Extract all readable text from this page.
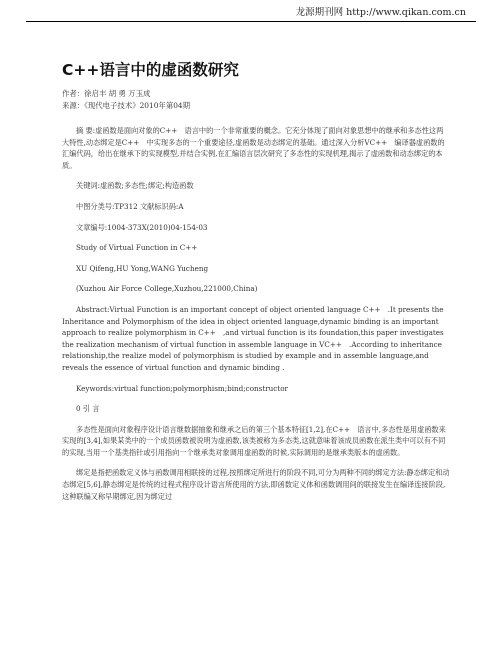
龙源期刊网 http://www.qikan.com.cn
C++语言中的虚函数研究
作者：徐启丰 胡 勇 万玉成
来源：《现代电子技术》2010年第04期

摘 要:虚函数是面向对象的C++　语言中的一个非常重要的概念。它充分体现了面向对象思想中的继承和多态性这两大特性,动态绑定是C++　中实现多态的一个重要途径,虚函数是动态绑定的基础。通过深入分析VC++　编译器虚函数的汇编代码，给出在继承下的实现模型,并结合实例,在汇编语言层次研究了多态性的实现机理,揭示了虚函数和动态绑定的本质。

关键词:虚函数;多态性;绑定;构造函数

中图分类号:TP312 文献标识码:A

文章编号:1004-373X(2010)04-154-03

Study of Virtual Function in C++

XU Qifeng,HU Yong,WANG Yucheng

(Xuzhou Air Force College,Xuzhou,221000,China)

Abstract:Virtual Function is an important concept of object oriented language C++　.It presents the Inheritance and Polymorphism of the idea in object oriented language,dynamic binding is an important approach to realize polymorphism in C++　,and virtual function is its foundation,this paper investigates the realization mechanism of virtual function in assemble language in VC++　.According to inheritance relationship,the realize model of polymorphism is studied by example and in assemble language,and reveals the essence of virtual function and dynamic binding .

Keywords:virtual function;polymorphism;bind;constructor

0 引 言

多态性是面向对象程序设计语言继数据抽象和继承之后的第三个基本特征[1,2],在C++　语言中,多态性是用虚函数来实现的[3,4],如果某类中的一个成员函数被说明为虚函数,该类被称为多态类,这就意味着该成员函数在派生类中可以有不同的实现,当用一个基类指针或引用指向一个继承类对象调用虚函数的时候,实际调用的是继承类版本的虚函数。

绑定是指把函数定义体与函数调用相联接的过程,按照绑定所进行的阶段不同,可分为两种不同的绑定方法:静态绑定和动态绑定[5,6],静态绑定是传统的过程式程序设计语言所使用的方法,即函数定义体和函数调用间的联接发生在编译连接阶段,这种联编又称早期绑定,因为绑定过
